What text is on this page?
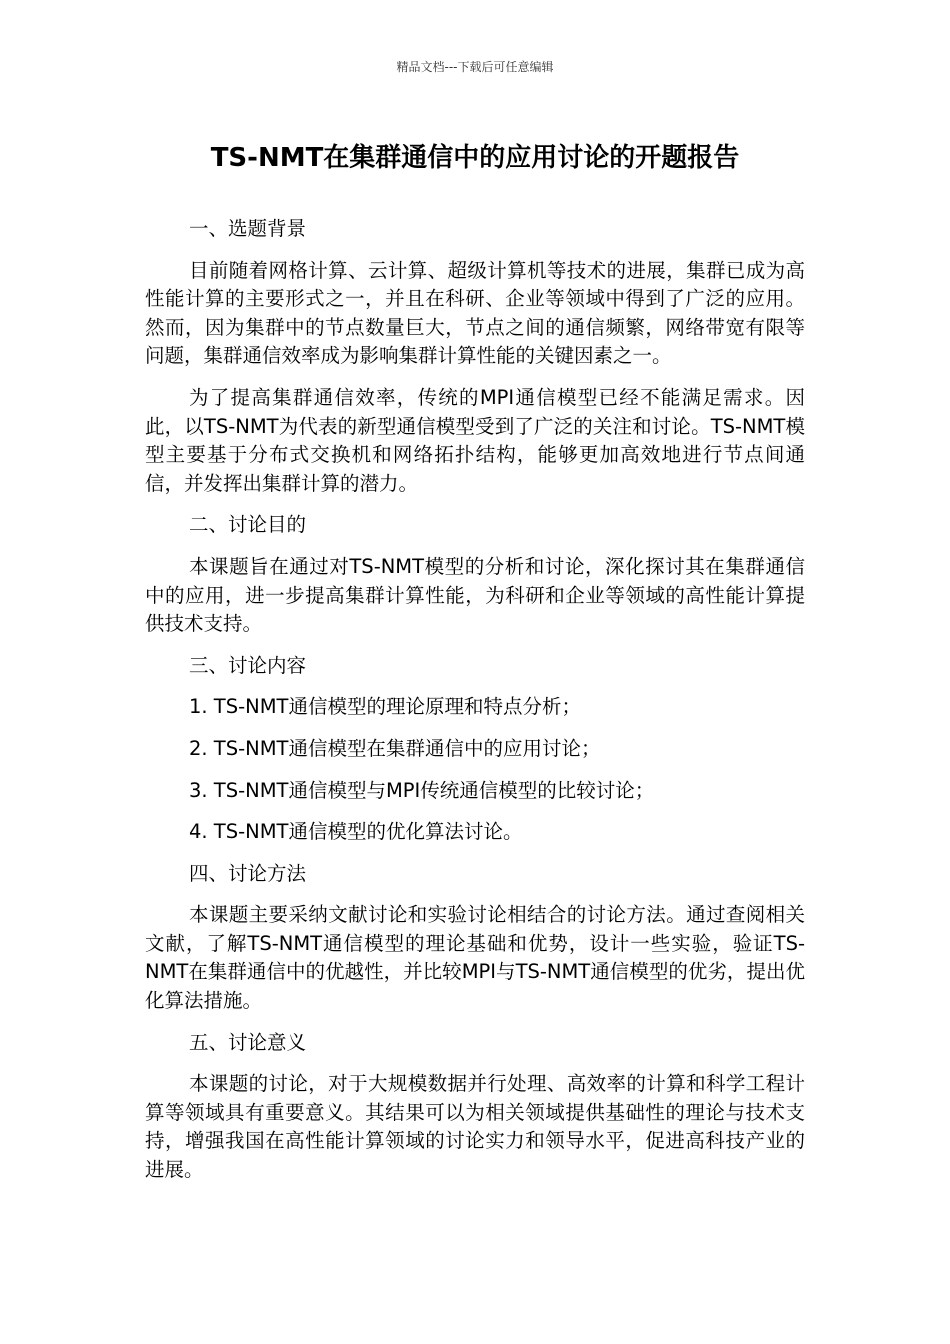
精品文档---下载后可任意编辑
TS-NMT在集群通信中的应用讨论的开题报告
一、选题背景
目前随着网格计算、云计算、超级计算机等技术的进展，集群已成为高性能计算的主要形式之一，并且在科研、企业等领域中得到了广泛的应用。然而，因为集群中的节点数量巨大，节点之间的通信频繁，网络带宽有限等问题，集群通信效率成为影响集群计算性能的关键因素之一。
为了提高集群通信效率，传统的MPI通信模型已经不能满足需求。因此，以TS-NMT为代表的新型通信模型受到了广泛的关注和讨论。TS-NMT模型主要基于分布式交换机和网络拓扑结构，能够更加高效地进行节点间通信，并发挥出集群计算的潜力。
二、讨论目的
本课题旨在通过对TS-NMT模型的分析和讨论，深化探讨其在集群通信中的应用，进一步提高集群计算性能，为科研和企业等领域的高性能计算提供技术支持。
三、讨论内容
1. TS-NMT通信模型的理论原理和特点分析；
2. TS-NMT通信模型在集群通信中的应用讨论；
3. TS-NMT通信模型与MPI传统通信模型的比较讨论；
4. TS-NMT通信模型的优化算法讨论。
四、讨论方法
本课题主要采纳文献讨论和实验讨论相结合的讨论方法。通过查阅相关文献，了解TS-NMT通信模型的理论基础和优势，设计一些实验，验证TS-NMT在集群通信中的优越性，并比较MPI与TS-NMT通信模型的优劣，提出优化算法措施。
五、讨论意义
本课题的讨论，对于大规模数据并行处理、高效率的计算和科学工程计算等领域具有重要意义。其结果可以为相关领域提供基础性的理论与技术支持，增强我国在高性能计算领域的讨论实力和领导水平，促进高科技产业的进展。
